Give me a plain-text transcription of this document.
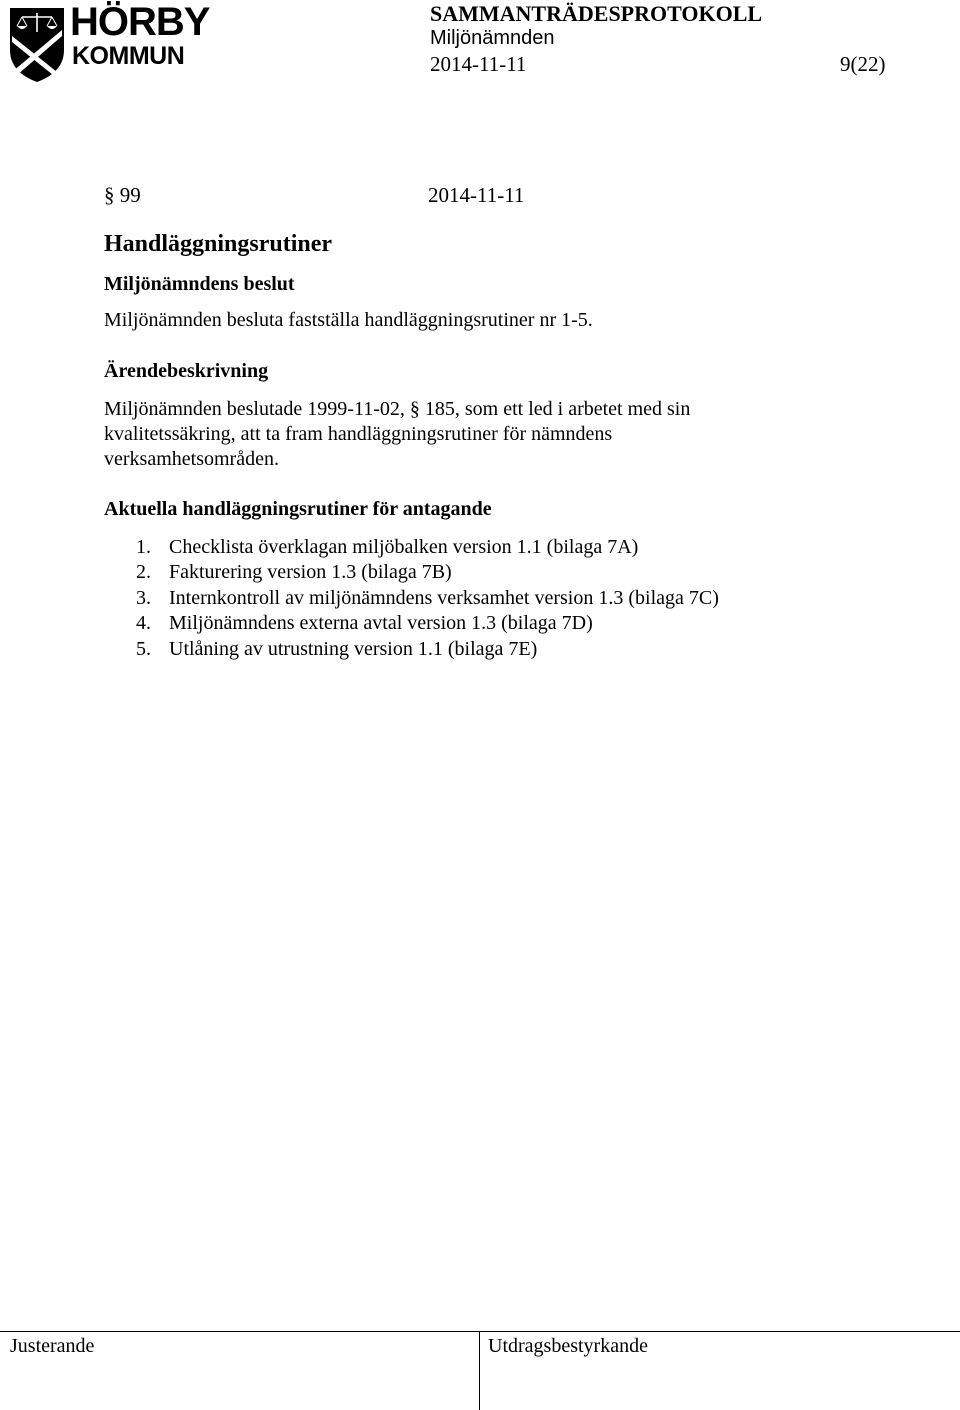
HÖRBY
KOMMUN
SAMMANTRÄDESPROTOKOLL
Miljönämnden
2014-11-11	9(22)
§ 99	2014-11-11
Handläggningsrutiner
Miljönämndens beslut
Miljönämnden besluta fastställa handläggningsrutiner nr 1-5.
Ärendebeskrivning
Miljönämnden beslutade 1999-11-02, § 185, som ett led i arbetet med sin
kvalitetssäkring, att ta fram handläggningsrutiner för nämndens
verksamhetsområden.
Aktuella handläggningsrutiner för antagande
1. Checklista överklagan miljöbalken version 1.1 (bilaga 7A)
2. Fakturering version 1.3 (bilaga 7B)
3. Internkontroll av miljönämndens verksamhet version 1.3 (bilaga 7C)
4. Miljönämndens externa avtal version 1.3 (bilaga 7D)
5. Utlåning av utrustning version 1.1 (bilaga 7E)
Justerande	Utdragsbestyrkande
